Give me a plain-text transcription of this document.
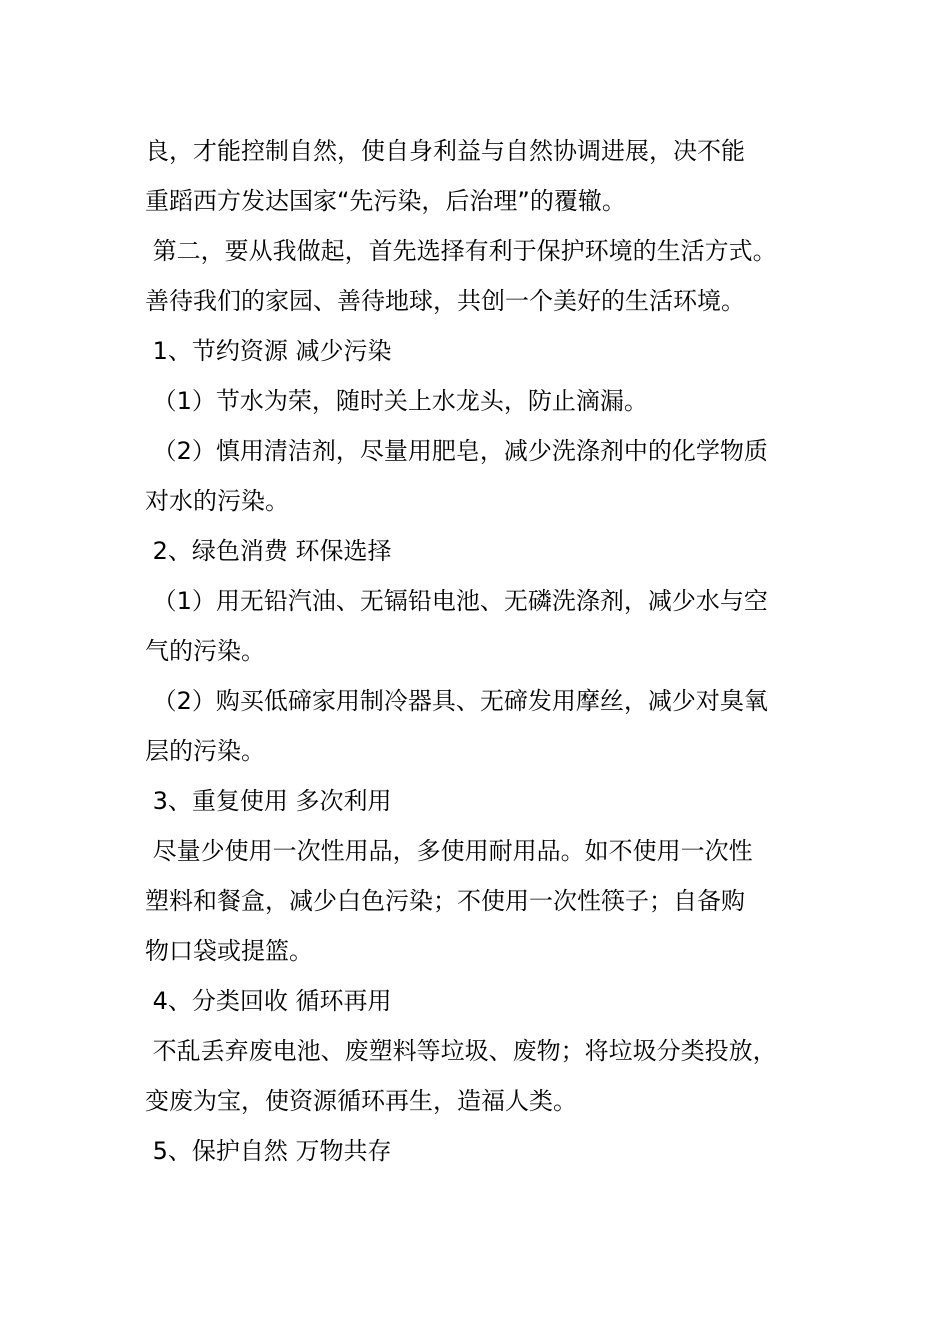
良，才能控制自然，使自身利益与自然协调进展，决不能
重蹈西方发达国家“先污染，后治理”的覆辙。
第二，要从我做起，首先选择有利于保护环境的生活方式。
善待我们的家园、善待地球，共创一个美好的生活环境。
1、节约资源 减少污染
（1）节水为荣，随时关上水龙头，防止滴漏。
（2）慎用清洁剂，尽量用肥皂，减少洗涤剂中的化学物质
对水的污染。
2、绿色消费 环保选择
（1）用无铅汽油、无镉铅电池、无磷洗涤剂，减少水与空
气的污染。
（2）购买低碲家用制冷器具、无碲发用摩丝，减少对臭氧
层的污染。
3、重复使用 多次利用
尽量少使用一次性用品，多使用耐用品。如不使用一次性
塑料和餐盒，减少白色污染；不使用一次性筷子；自备购
物口袋或提篮。
4、分类回收 循环再用
不乱丢弃废电池、废塑料等垃圾、废物；将垃圾分类投放，
变废为宝，使资源循环再生，造福人类。
5、保护自然 万物共存
